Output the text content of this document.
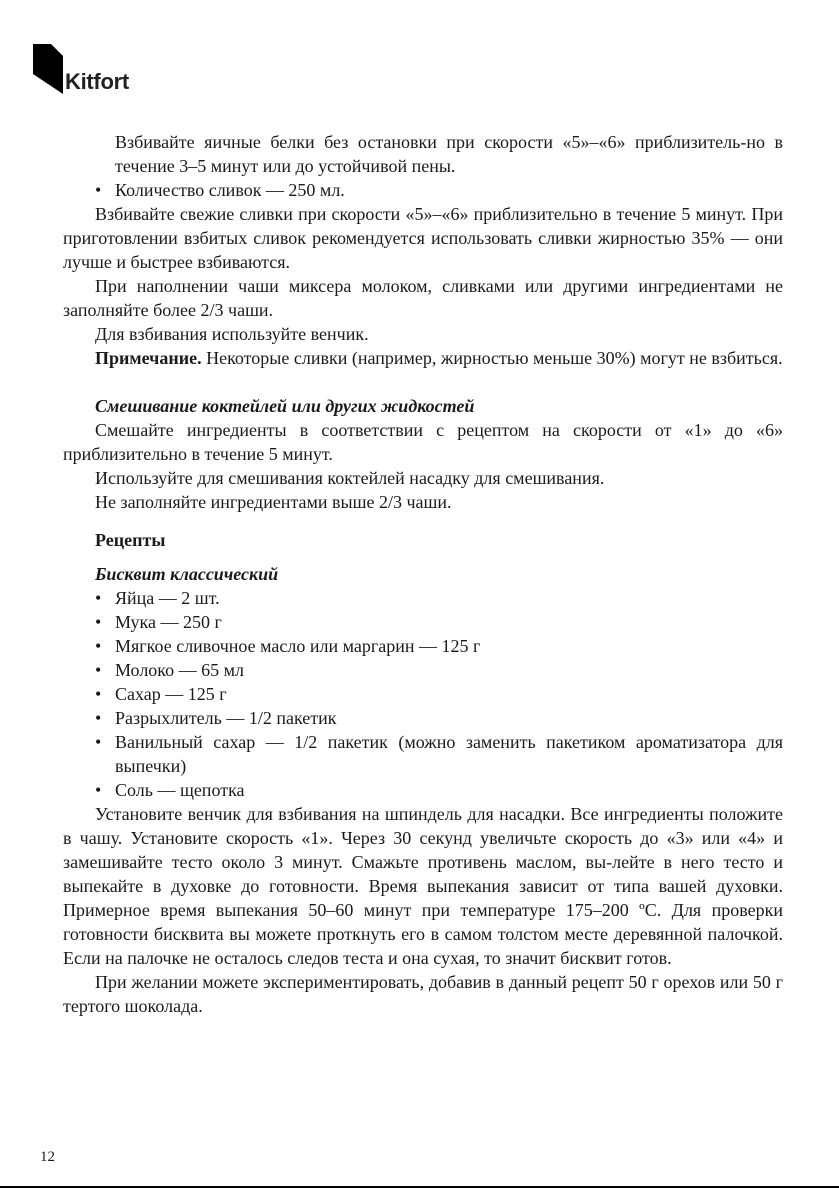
Kitfort

Взбивайте яичные белки без остановки при скорости «5»–«6» приблизитель-но в течение 3–5 минут или до устойчивой пены.

• Количество сливок — 250 мл.

Взбивайте свежие сливки при скорости «5»–«6» приблизительно в течение 5 минут. При приготовлении взбитых сливок рекомендуется использовать сливки жирностью 35% — они лучше и быстрее взбиваются.

При наполнении чаши миксера молоком, сливками или другими ингредиентами не заполняйте более 2/3 чаши.

Для взбивания используйте венчик.

Примечание. Некоторые сливки (например, жирностью меньше 30%) могут не взбиться.

Смешивание коктейлей или других жидкостей

Смешайте ингредиенты в соответствии с рецептом на скорости от «1» до «6» приблизительно в течение 5 минут.

Используйте для смешивания коктейлей насадку для смешивания.

Не заполняйте ингредиентами выше 2/3 чаши.

Рецепты

Бисквит классический

• Яйца — 2 шт.

• Мука — 250 г

• Мягкое сливочное масло или маргарин — 125 г

• Молоко — 65 мл

• Сахар — 125 г

• Разрыхлитель — 1/2 пакетик

• Ванильный сахар — 1/2 пакетик (можно заменить пакетиком ароматизатора для выпечки)

• Соль — щепотка

Установите венчик для взбивания на шпиндель для насадки. Все ингредиенты положите в чашу. Установите скорость «1». Через 30 секунд увеличьте скорость до «3» или «4» и замешивайте тесто около 3 минут. Смажьте противень маслом, вы-лейте в него тесто и выпекайте в духовке до готовности. Время выпекания зависит от типа вашей духовки. Примерное время выпекания 50–60 минут при температуре 175–200 ºС. Для проверки готовности бисквита вы можете проткнуть его в самом толстом месте деревянной палочкой. Если на палочке не осталось следов теста и она сухая, то значит бисквит готов.

При желании можете экспериментировать, добавив в данный рецепт 50 г орехов или 50 г тертого шоколада.

12
